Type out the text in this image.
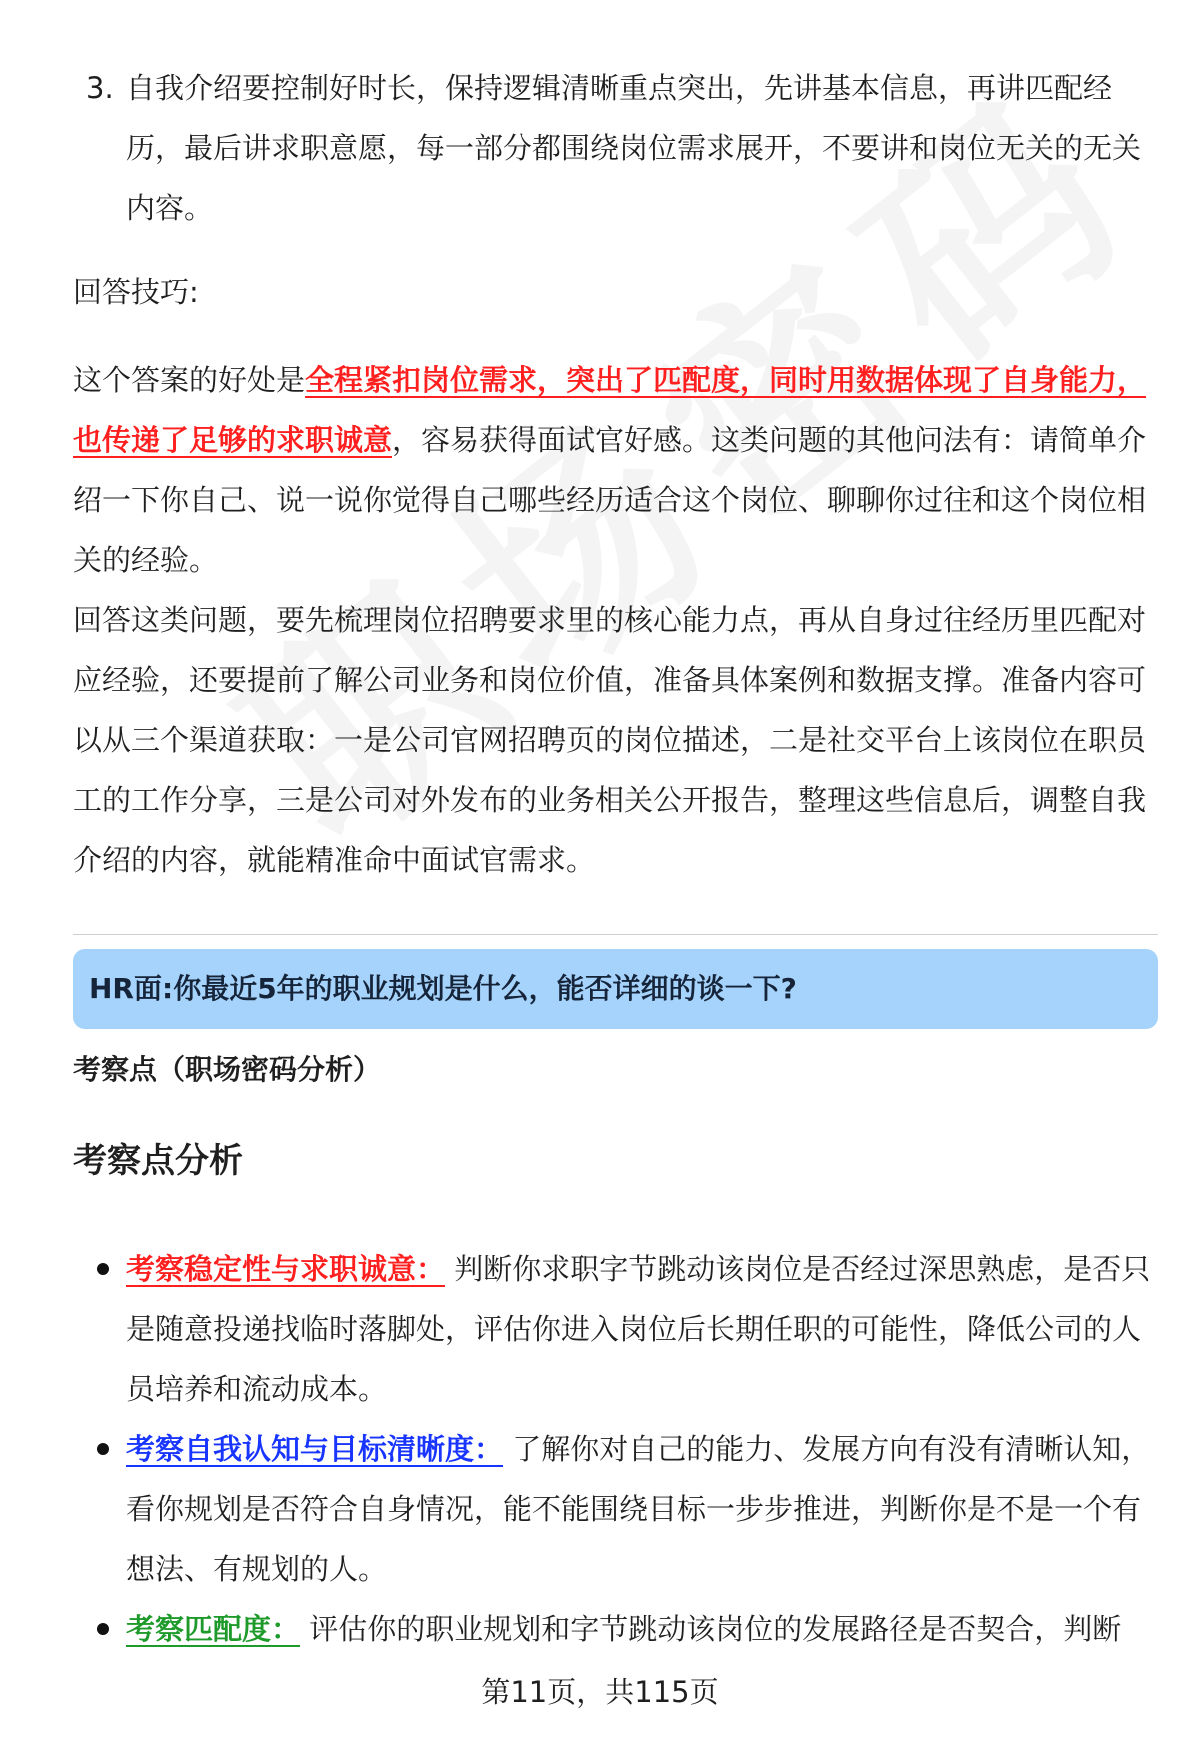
3. 自我介绍要控制好时长，保持逻辑清晰重点突出，先讲基本信息，再讲匹配经历，最后讲求职意愿，每一部分都围绕岗位需求展开，不要讲和岗位无关的无关内容。

回答技巧:

这个答案的好处是全程紧扣岗位需求，突出了匹配度，同时用数据体现了自身能力，也传递了足够的求职诚意，容易获得面试官好感。这类问题的其他问法有：请简单介绍一下你自己、说一说你觉得自己哪些经历适合这个岗位、聊聊你过往和这个岗位相关的经验。

回答这类问题，要先梳理岗位招聘要求里的核心能力点，再从自身过往经历里匹配对应经验，还要提前了解公司业务和岗位价值，准备具体案例和数据支撑。准备内容可以从三个渠道获取：一是公司官网招聘页的岗位描述，二是社交平台上该岗位在职员工的工作分享，三是公司对外发布的业务相关公开报告，整理这些信息后，调整自我介绍的内容，就能精准命中面试官需求。

HR面:你最近5年的职业规划是什么，能否详细的谈一下?

考察点（职场密码分析）

考察点分析

考察稳定性与求职诚意： 判断你求职字节跳动该岗位是否经过深思熟虑，是否只是随意投递找临时落脚处，评估你进入岗位后长期任职的可能性，降低公司的人员培养和流动成本。
考察自我认知与目标清晰度： 了解你对自己的能力、发展方向有没有清晰认知，看你规划是否符合自身情况，能不能围绕目标一步步推进，判断你是不是一个有想法、有规划的人。
考察匹配度： 评估你的职业规划和字节跳动该岗位的发展路径是否契合，判断
第11页，共115页
